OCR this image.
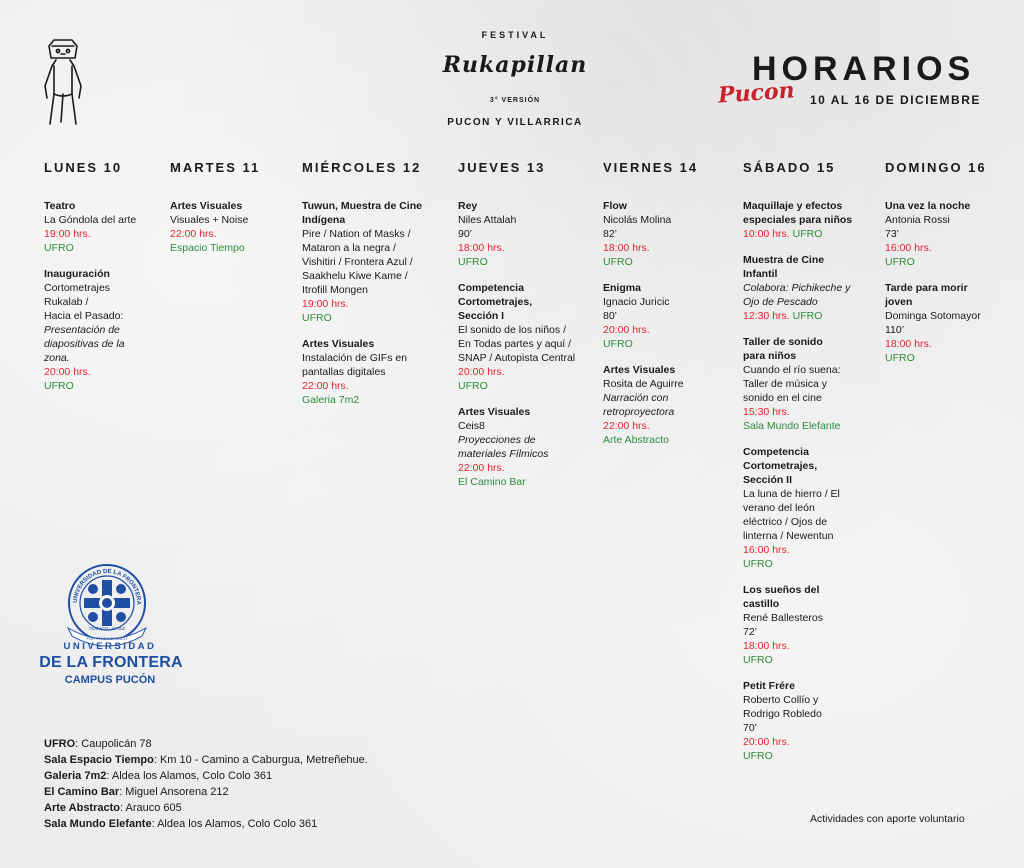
FESTIVAL
Rukapillan
3° VERSIÓN
PUCON Y VILLARRICA
HORARIOS
Pucon 10 AL 16 DE DICIEMBRE
LUNES 10
Teatro
La Góndola del arte
19:00 hrs.
UFRO
Inauguración
Cortometrajes
Rukalab /
Hacia el Pasado:
Presentación de
diapositivas de la
zona.
20:00 hrs.
UFRO
MARTES 11
Artes Visuales
Visuales + Noise
22:00 hrs.
Espacio Tiempo
MIÉRCOLES 12
Tuwun, Muestra de Cine
Indígena
Pire / Nation of Masks /
Mataron a la negra /
Vishitiri / Frontera Azul /
Saakhelu Kiwe Kame /
Itrofill Mongen
19:00 hrs.
UFRO
Artes Visuales
Instalación de GIFs en
pantallas digitales
22:00 hrs.
Galeria 7m2
JUEVES 13
Rey
Niles Attalah
90’
18:00 hrs.
UFRO
Competencia
Cortometrajes,
Sección I
El sonido de los niños /
En Todas partes y aquí /
SNAP / Autopista Central
20:00 hrs.
UFRO
Artes Visuales
Ceis8
Proyecciones de
materiales Fílmicos
22:00 hrs.
El Camino Bar
VIERNES 14
Flow
Nicolás Molina
82’
18:00 hrs.
UFRO
Enigma
Ignacio Juricic
80’
20:00 hrs.
UFRO
Artes Visuales
Rosita de Aguirre
Narración con
retroproyectora
22:00 hrs.
Arte Abstracto
SÁBADO 15
Maquillaje y efectos
especiales para niños
10:00 hrs. UFRO
Muestra de Cine
Infantil
Colabora: Pichikeche y
Ojo de Pescado
12:30 hrs. UFRO
Taller de sonido
para niños
Cuando el río suena:
Taller de música y
sonido en el cine
15:30 hrs.
Sala Mundo Elefante
Competencia
Cortometrajes,
Sección II
La luna de hierro / El
verano del león
eléctrico / Ojos de
linterna / Newentun
16:00 hrs.
UFRO
Los sueños del
castillo
René Ballesteros
72’
18:00 hrs.
UFRO
Petit Frére
Roberto Collío y
Rodrigo Robledo
70’
20:00 hrs.
UFRO
DOMINGO 16
Una vez la noche
Antonia Rossi
73’
16:00 hrs.
UFRO
Tarde para morir
joven
Dominga Sotomayor
110’
18:00 hrs.
UFRO
UNIVERSIDAD DE LA FRONTERA
TEMUCO - CHILE
FORTITUDINE VINCIT
UNIVERSIDAD
DE LA FRONTERA
CAMPUS PUCÓN
UFRO: Caupolicán 78
Sala Espacio Tiempo: Km 10 - Camino a Caburgua, Metreñehue.
Galeria 7m2: Aldea los Alamos, Colo Colo 361
El Camino Bar: Miguel Ansorena 212
Arte Abstracto: Arauco 605
Sala Mundo Elefante: Aldea los Alamos, Colo Colo 361	Actividades con aporte voluntario
